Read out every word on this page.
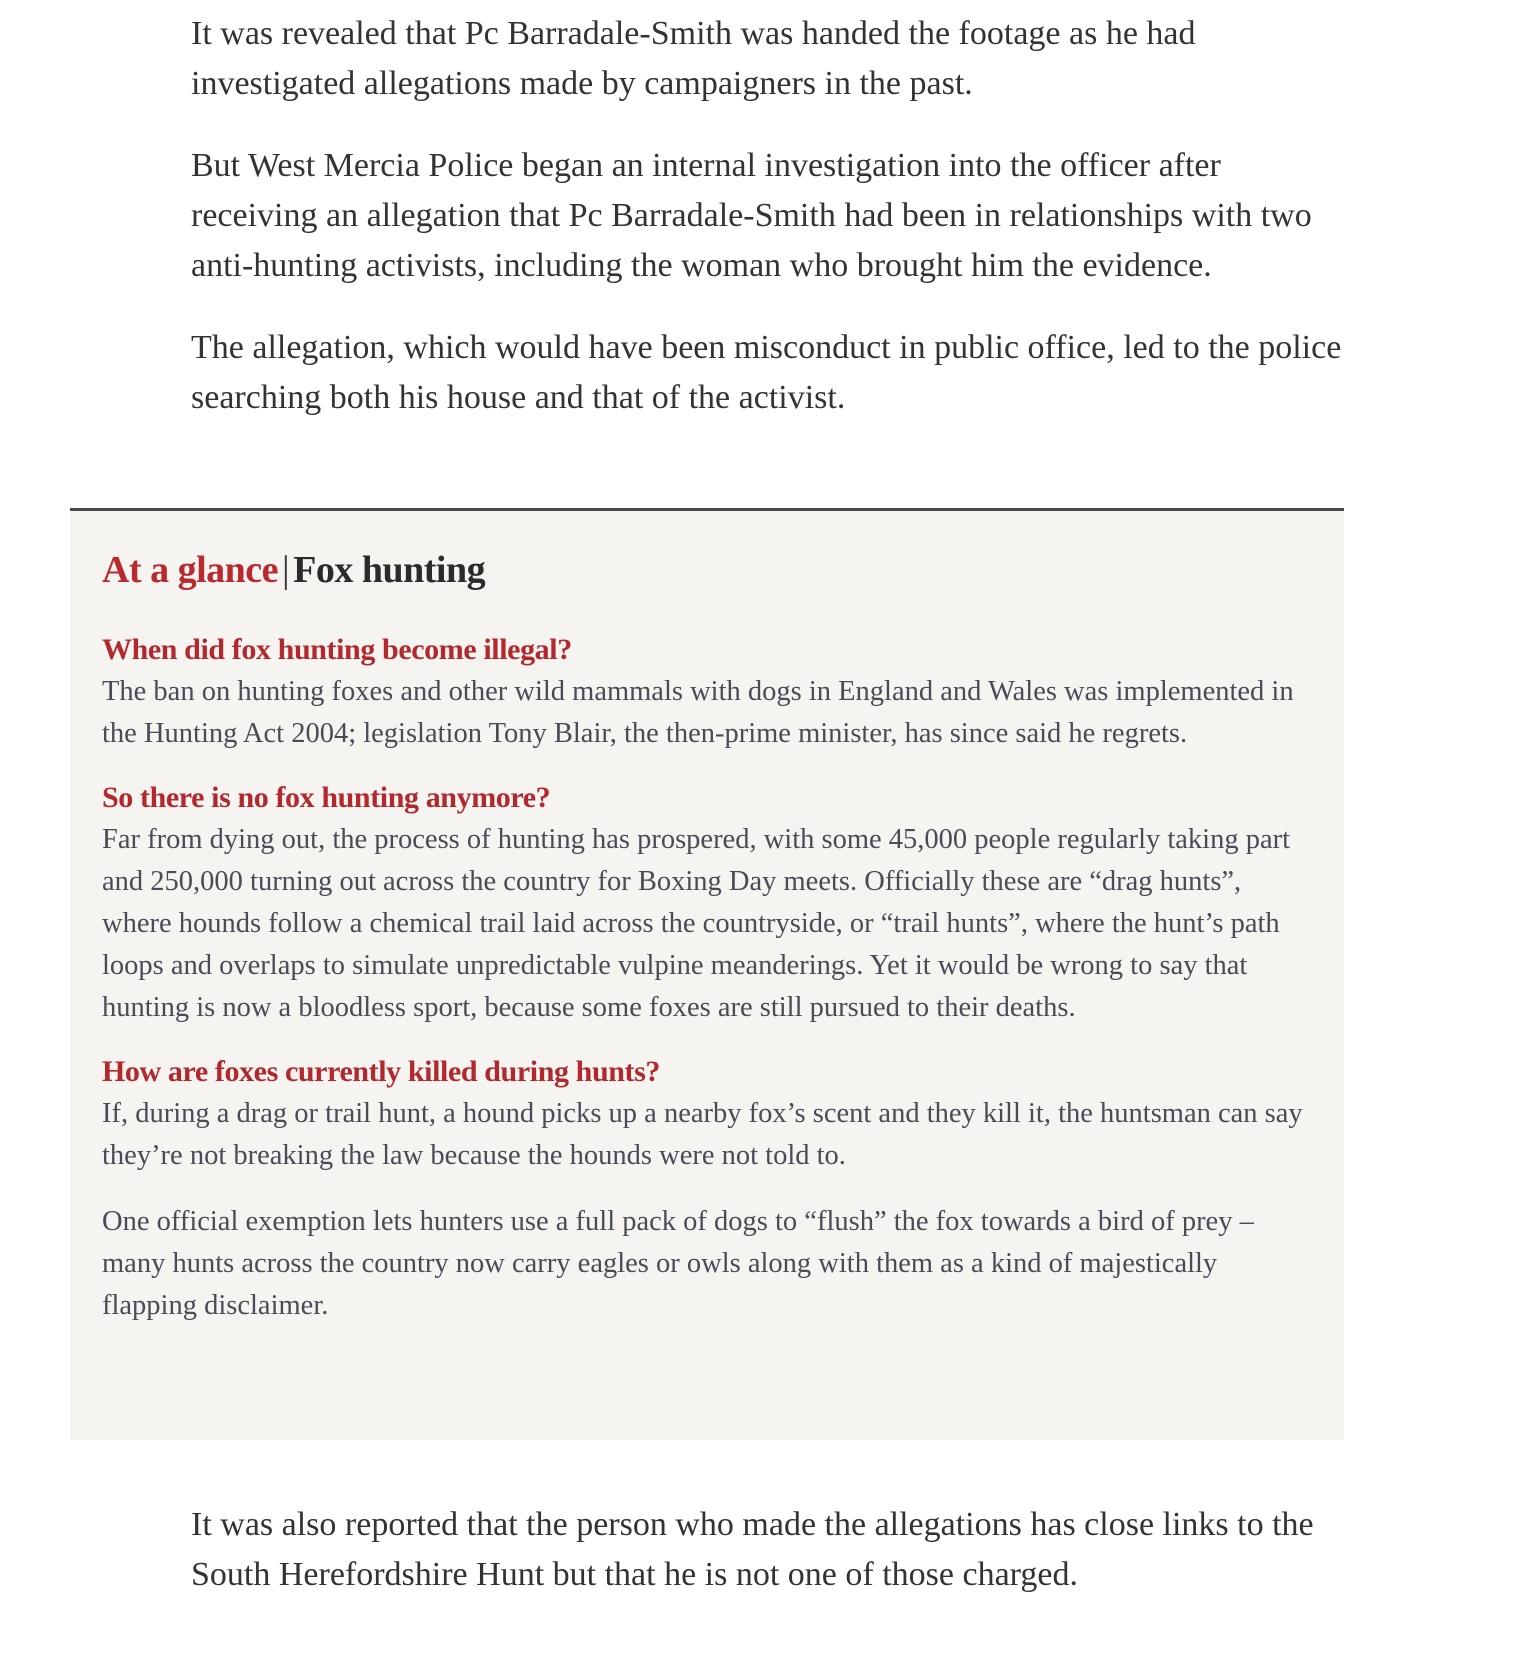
It was revealed that Pc Barradale-Smith was handed the footage as he had investigated allegations made by campaigners in the past.

But West Mercia Police began an internal investigation into the officer after receiving an allegation that Pc Barradale-Smith had been in relationships with two anti-hunting activists, including the woman who brought him the evidence.

The allegation, which would have been misconduct in public office, led to the police searching both his house and that of the activist.

At a glance | Fox hunting
When did fox hunting become illegal?

The ban on hunting foxes and other wild mammals with dogs in England and Wales was implemented in the Hunting Act 2004; legislation Tony Blair, the then-prime minister, has since said he regrets.

So there is no fox hunting anymore?

Far from dying out, the process of hunting has prospered, with some 45,000 people regularly taking part and 250,000 turning out across the country for Boxing Day meets. Officially these are “drag hunts”, where hounds follow a chemical trail laid across the countryside, or “trail hunts”, where the hunt’s path loops and overlaps to simulate unpredictable vulpine meanderings. Yet it would be wrong to say that hunting is now a bloodless sport, because some foxes are still pursued to their deaths.

How are foxes currently killed during hunts?

If, during a drag or trail hunt, a hound picks up a nearby fox’s scent and they kill it, the huntsman can say they’re not breaking the law because the hounds were not told to.

One official exemption lets hunters use a full pack of dogs to “flush” the fox towards a bird of prey – many hunts across the country now carry eagles or owls along with them as a kind of majestically flapping disclaimer.

It was also reported that the person who made the allegations has close links to the South Herefordshire Hunt but that he is not one of those charged.
